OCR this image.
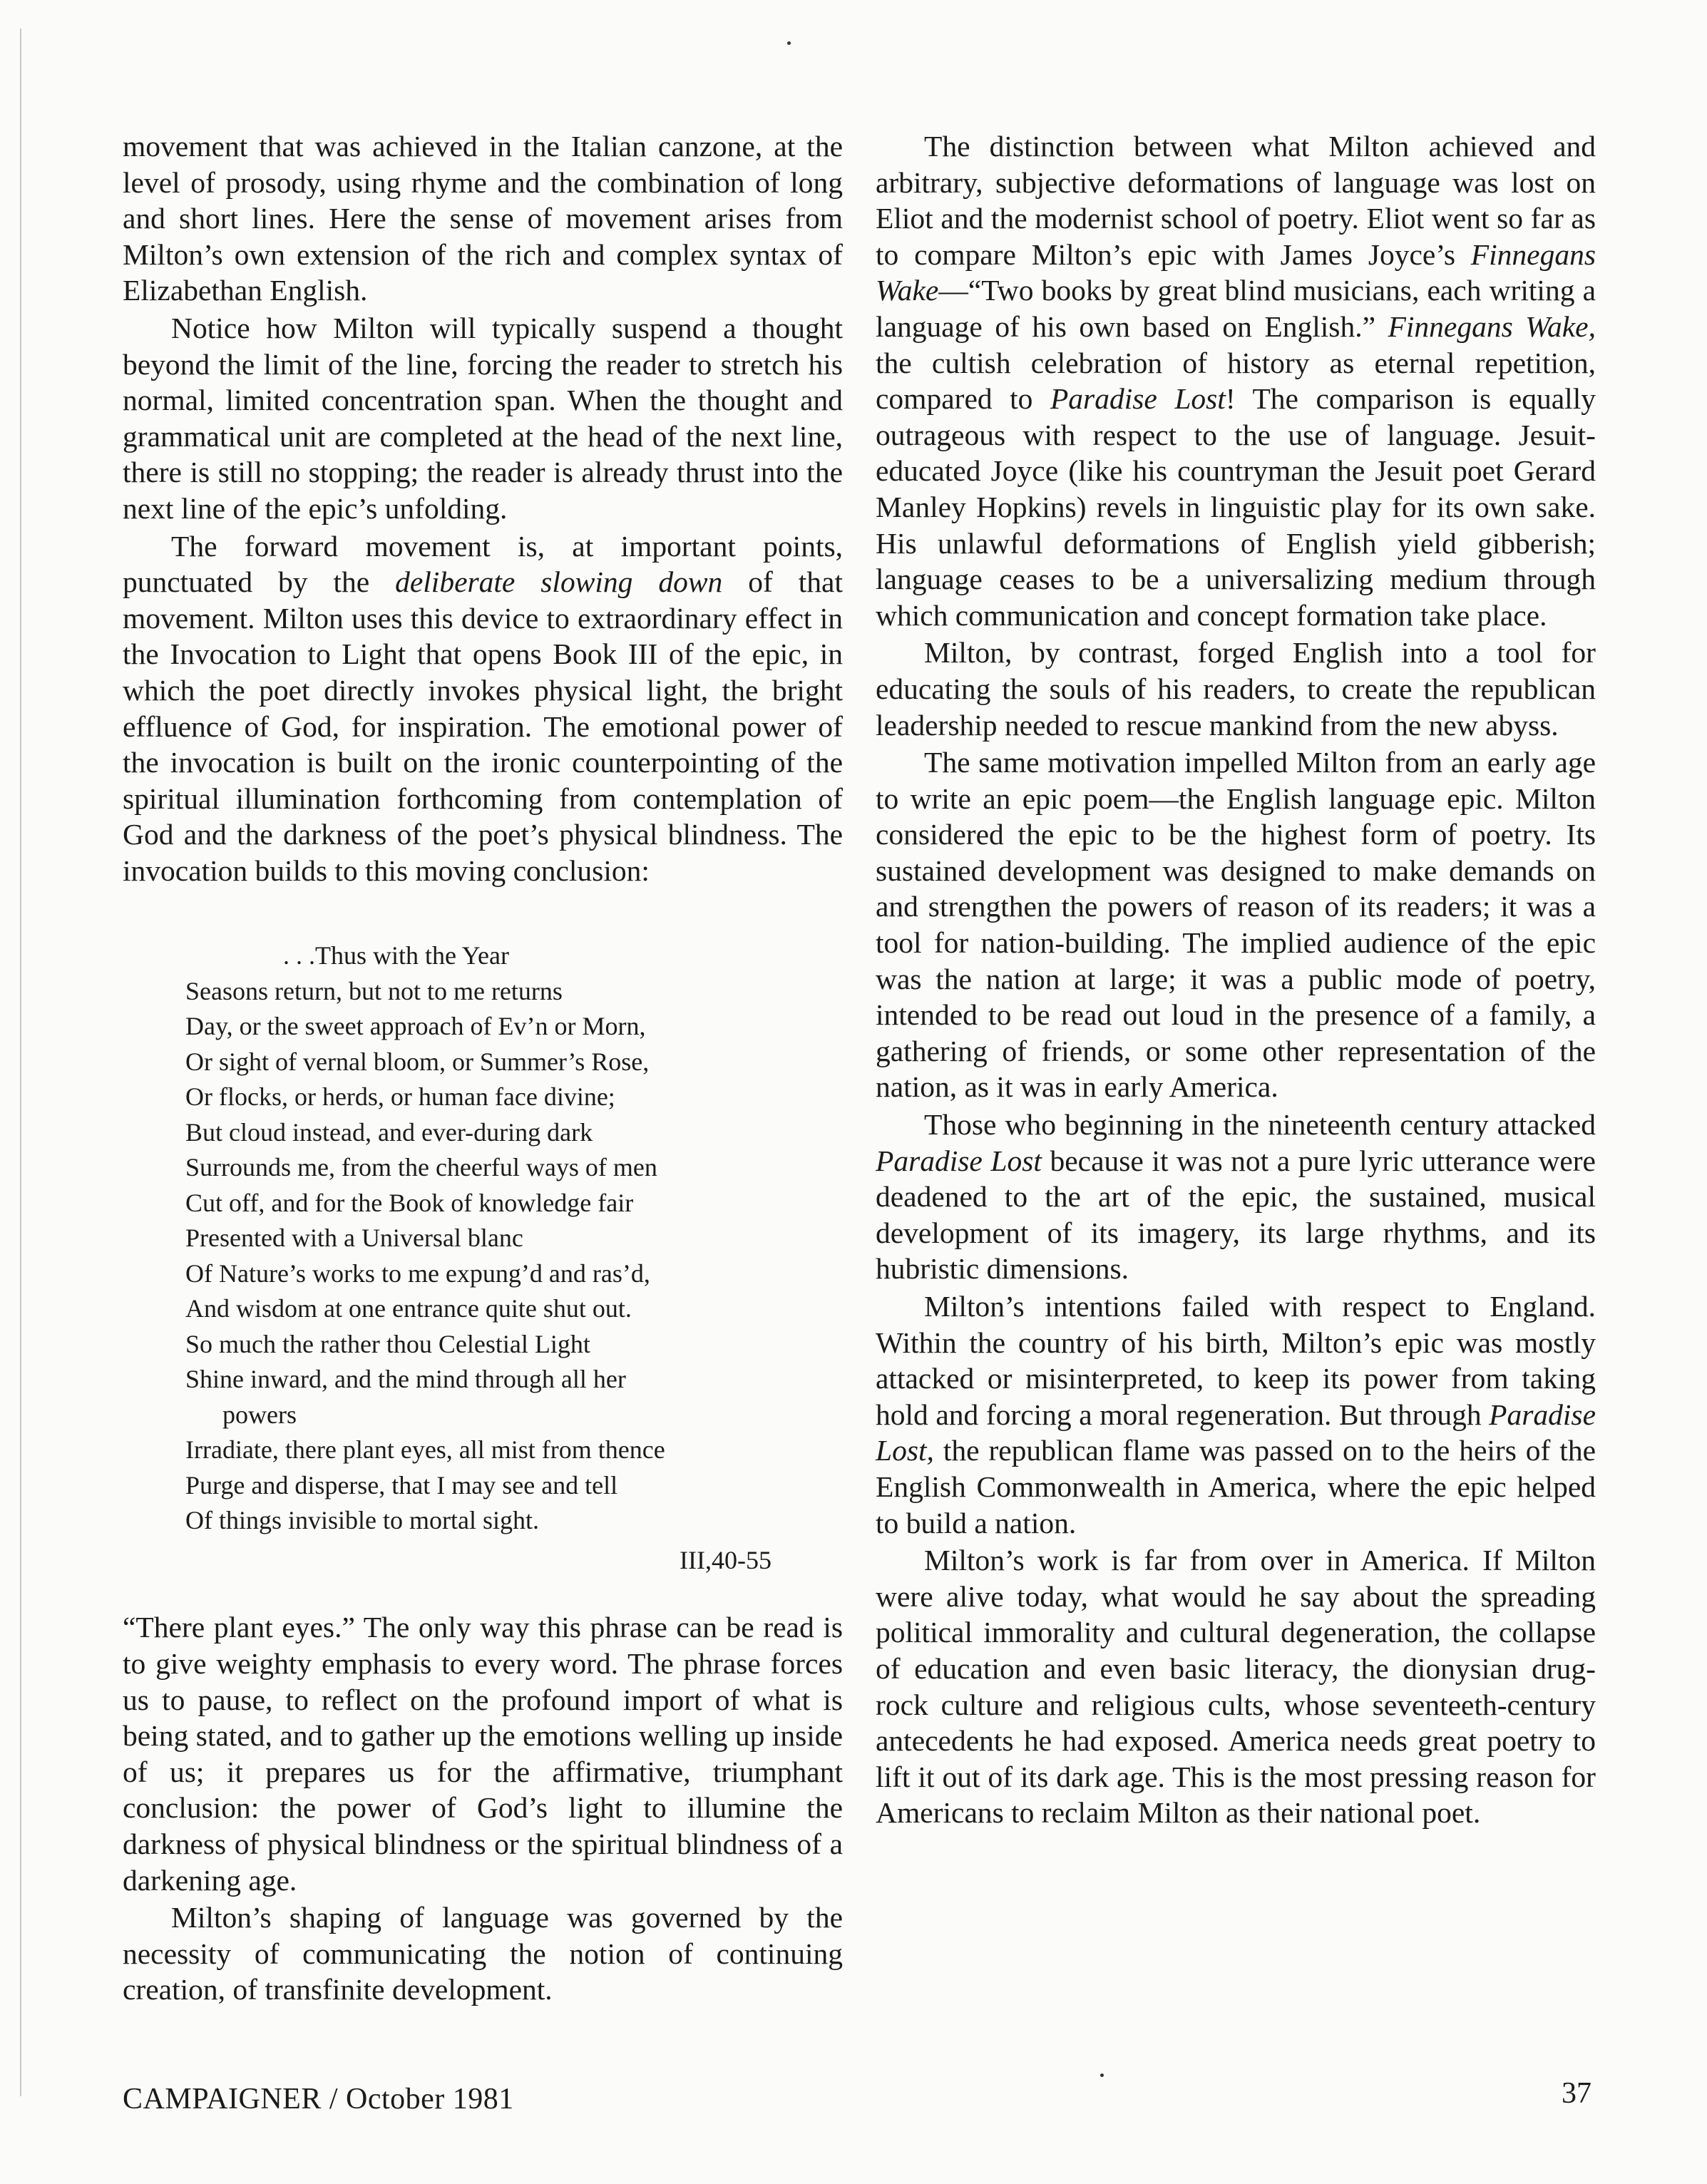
movement that was achieved in the Italian canzone, at the level of prosody, using rhyme and the combination of long and short lines. Here the sense of movement arises from Milton’s own extension of the rich and complex syntax of Elizabethan English.

Notice how Milton will typically suspend a thought beyond the limit of the line, forcing the reader to stretch his normal, limited concentration span. When the thought and grammatical unit are completed at the head of the next line, there is still no stopping; the reader is already thrust into the next line of the epic’s unfolding.

The forward movement is, at important points, punctuated by the deliberate slowing down of that movement. Milton uses this device to extraordinary effect in the Invocation to Light that opens Book III of the epic, in which the poet directly invokes physical light, the bright effluence of God, for inspiration. The emotional power of the invocation is built on the ironic counterpointing of the spiritual illumination forthcoming from contemplation of God and the darkness of the poet’s physical blindness. The invocation builds to this moving conclusion:

. . .Thus with the Year
Seasons return, but not to me returns
Day, or the sweet approach of Ev’n or Morn,
Or sight of vernal bloom, or Summer’s Rose,
Or flocks, or herds, or human face divine;
But cloud instead, and ever-during dark
Surrounds me, from the cheerful ways of men
Cut off, and for the Book of knowledge fair
Presented with a Universal blanc
Of Nature’s works to me expung’d and ras’d,
And wisdom at one entrance quite shut out.
So much the rather thou Celestial Light
Shine inward, and the mind through all her
powers
Irradiate, there plant eyes, all mist from thence
Purge and disperse, that I may see and tell
Of things invisible to mortal sight.
III,40-55

“There plant eyes.” The only way this phrase can be read is to give weighty emphasis to every word. The phrase forces us to pause, to reflect on the profound import of what is being stated, and to gather up the emotions welling up inside of us; it prepares us for the affirmative, triumphant conclusion: the power of God’s light to illumine the darkness of physical blindness or the spiritual blindness of a darkening age.

Milton’s shaping of language was governed by the necessity of communicating the notion of continuing creation, of transfinite development.

The distinction between what Milton achieved and arbitrary, subjective deformations of language was lost on Eliot and the modernist school of poetry. Eliot went so far as to compare Milton’s epic with James Joyce’s Finnegans Wake—“Two books by great blind musicians, each writing a language of his own based on English.” Finnegans Wake, the cultish celebration of history as eternal repetition, compared to Paradise Lost! The comparison is equally outrageous with respect to the use of language. Jesuit-educated Joyce (like his countryman the Jesuit poet Gerard Manley Hopkins) revels in linguistic play for its own sake. His unlawful deformations of English yield gibberish; language ceases to be a universalizing medium through which communication and concept formation take place.

Milton, by contrast, forged English into a tool for educating the souls of his readers, to create the republican leadership needed to rescue mankind from the new abyss.

The same motivation impelled Milton from an early age to write an epic poem—the English language epic. Milton considered the epic to be the highest form of poetry. Its sustained development was designed to make demands on and strengthen the powers of reason of its readers; it was a tool for nation-building. The implied audience of the epic was the nation at large; it was a public mode of poetry, intended to be read out loud in the presence of a family, a gathering of friends, or some other representation of the nation, as it was in early America.

Those who beginning in the nineteenth century attacked Paradise Lost because it was not a pure lyric utterance were deadened to the art of the epic, the sustained, musical development of its imagery, its large rhythms, and its hubristic dimensions.

Milton’s intentions failed with respect to England. Within the country of his birth, Milton’s epic was mostly attacked or misinterpreted, to keep its power from taking hold and forcing a moral regeneration. But through Paradise Lost, the republican flame was passed on to the heirs of the English Commonwealth in America, where the epic helped to build a nation.

Milton’s work is far from over in America. If Milton were alive today, what would he say about the spreading political immorality and cultural degeneration, the collapse of education and even basic literacy, the dionysian drug-rock culture and religious cults, whose seventeeth-century antecedents he had exposed. America needs great poetry to lift it out of its dark age. This is the most pressing reason for Americans to reclaim Milton as their national poet.

CAMPAIGNER / October 1981	37
